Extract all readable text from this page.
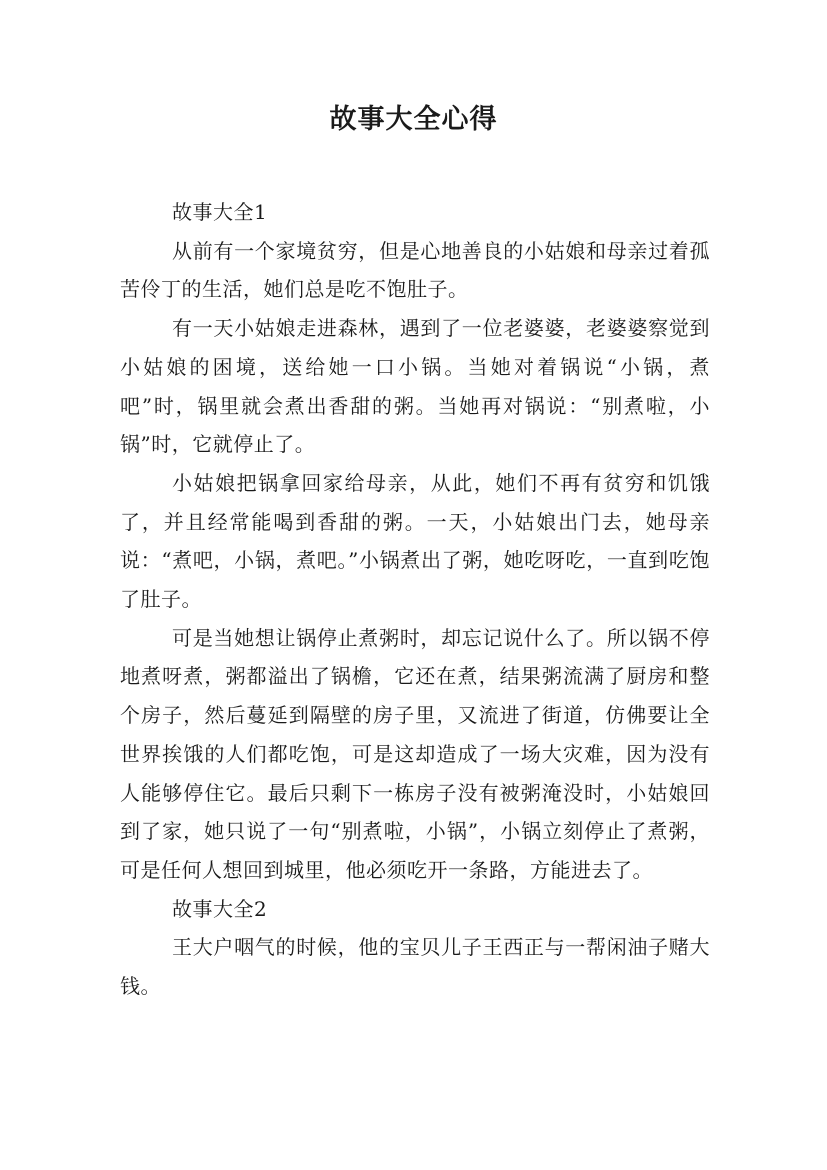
故事大全心得

故事大全1

从前有一个家境贫穷，但是心地善良的小姑娘和母亲过着孤苦伶丁的生活，她们总是吃不饱肚子。

有一天小姑娘走进森林，遇到了一位老婆婆，老婆婆察觉到小姑娘的困境，送给她一口小锅。当她对着锅说“小锅，煮吧”时，锅里就会煮出香甜的粥。当她再对锅说：“别煮啦，小锅”时，它就停止了。

小姑娘把锅拿回家给母亲，从此，她们不再有贫穷和饥饿了，并且经常能喝到香甜的粥。一天，小姑娘出门去，她母亲说：“煮吧，小锅，煮吧。”小锅煮出了粥，她吃呀吃，一直到吃饱了肚子。

可是当她想让锅停止煮粥时，却忘记说什么了。所以锅不停地煮呀煮，粥都溢出了锅檐，它还在煮，结果粥流满了厨房和整个房子，然后蔓延到隔壁的房子里，又流进了街道，仿佛要让全世界挨饿的人们都吃饱，可是这却造成了一场大灾难，因为没有人能够停住它。最后只剩下一栋房子没有被粥淹没时，小姑娘回到了家，她只说了一句“别煮啦，小锅”，小锅立刻停止了煮粥，可是任何人想回到城里，他必须吃开一条路，方能进去了。

故事大全2

王大户咽气的时候，他的宝贝儿子王西正与一帮闲油子赌大钱。
